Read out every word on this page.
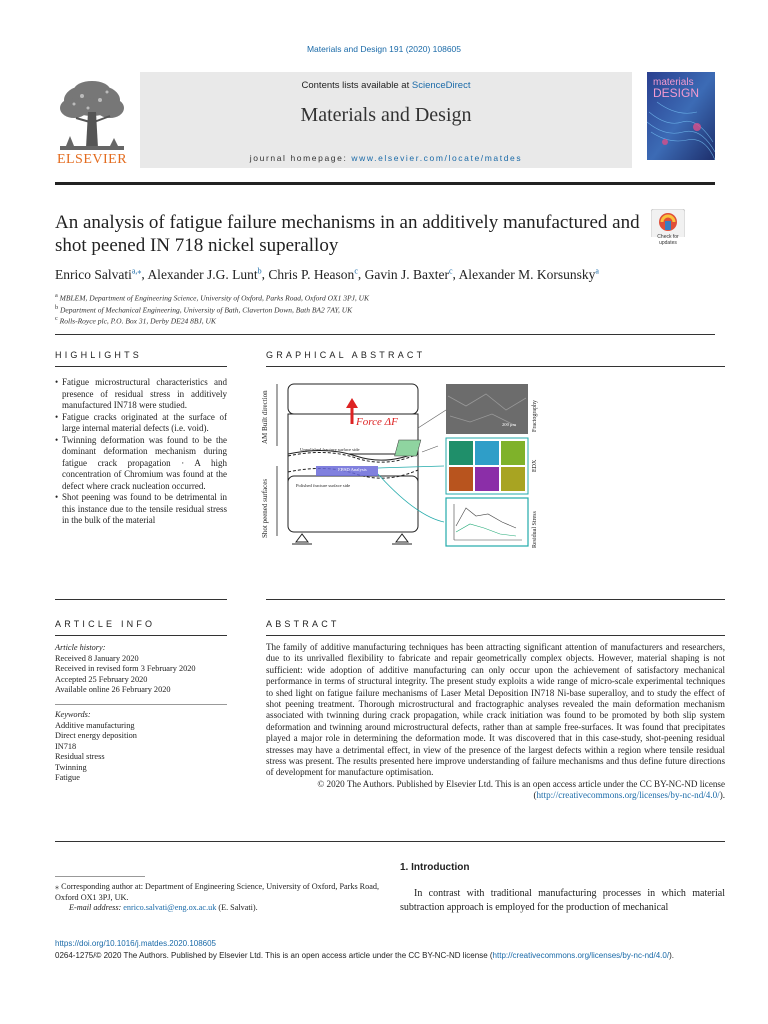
Materials and Design 191 (2020) 108605
Contents lists available at ScienceDirect
Materials and Design
journal homepage: www.elsevier.com/locate/matdes
ELSEVIER
materials
DESIGN
An analysis of fatigue failure mechanisms in an additively manufactured and shot peened IN 718 nickel superalloy	Check for updates
Enrico Salvati$^{a,⁎}$, Alexander J.G. Lunt$^b$, Chris P. Heason$^c$, Gavin J. Baxter$^c$, Alexander M. Korsunsky$^a$
$^a$ MBLEM, Department of Engineering Science, University of Oxford, Parks Road, Oxford OX1 3PJ, UK
$^b$ Department of Mechanical Engineering, University of Bath, Claverton Down, Bath BA2 7AY, UK
$^c$ Rolls-Royce plc, P.O. Box 31, Derby DE24 8BJ, UK
HIGHLIGHTS
• Fatigue microstructural characteristics and presence of residual stress in additively manufactured IN718 were studied.
• Fatigue cracks originated at the surface of large internal material defects (i.e. void).
• Twinning deformation was found to be the dominant deformation mechanism during fatigue crack propagation · A high concentration of Chromium was found at the defect where crack nucleation occurred.
• Shot peening was found to be detrimental in this instance due to the tensile residual stress in the bulk of the material
GRAPHICAL ABSTRACT
AM Built direction
Shot peened surfaces
Force ΔF
Unpolished fracture surface side
Polished fracture surface side
EBSD Analysis
200 μm	Fractography
EDX
Residual Stress
ARTICLE INFO
Article history:
Received 8 January 2020
Received in revised form 3 February 2020
Accepted 25 February 2020
Available online 26 February 2020
Keywords:
Additive manufacturing
Direct energy deposition
IN718
Residual stress
Twinning
Fatigue
ABSTRACT
The family of additive manufacturing techniques has been attracting significant attention of manufacturers and researchers, due to its unrivalled flexibility to fabricate and repair geometrically complex objects. However, material shaping is not sufficient: wide adoption of additive manufacturing can only occur upon the achievement of satisfactory mechanical performance in terms of structural integrity. The present study exploits a wide range of micro-scale experimental techniques to shed light on fatigue failure mechanisms of Laser Metal Deposition IN718 Ni-base superalloy, and to study the effect of shot peening treatment. Thorough microstructural and fractographic analyses revealed the main deformation mechanism associated with twinning during crack propagation, while crack initiation was found to be promoted by both slip system deformation and twinning around microstructural defects, rather than at sample free-surfaces. It was found that precipitates played a major role in determining the deformation mode. It was discovered that in this case-study, shot-peening residual stresses may have a detrimental effect, in view of the presence of the largest defects within a region where tensile residual stress was present. The results presented here improve understanding of failure mechanisms and thus define future directions of development for manufacture optimisation.
© 2020 The Authors. Published by Elsevier Ltd. This is an open access article under the CC BY-NC-ND license (http://creativecommons.org/licenses/by-nc-nd/4.0/).
1. Introduction
In contrast with traditional manufacturing processes in which material subtraction approach is employed for the production of mechanical
⁎ Corresponding author at: Department of Engineering Science, University of Oxford, Parks Road, Oxford OX1 3PJ, UK.
E-mail address: enrico.salvati@eng.ox.ac.uk (E. Salvati).
https://doi.org/10.1016/j.matdes.2020.108605
0264-1275/© 2020 The Authors. Published by Elsevier Ltd. This is an open access article under the CC BY-NC-ND license (http://creativecommons.org/licenses/by-nc-nd/4.0/).
